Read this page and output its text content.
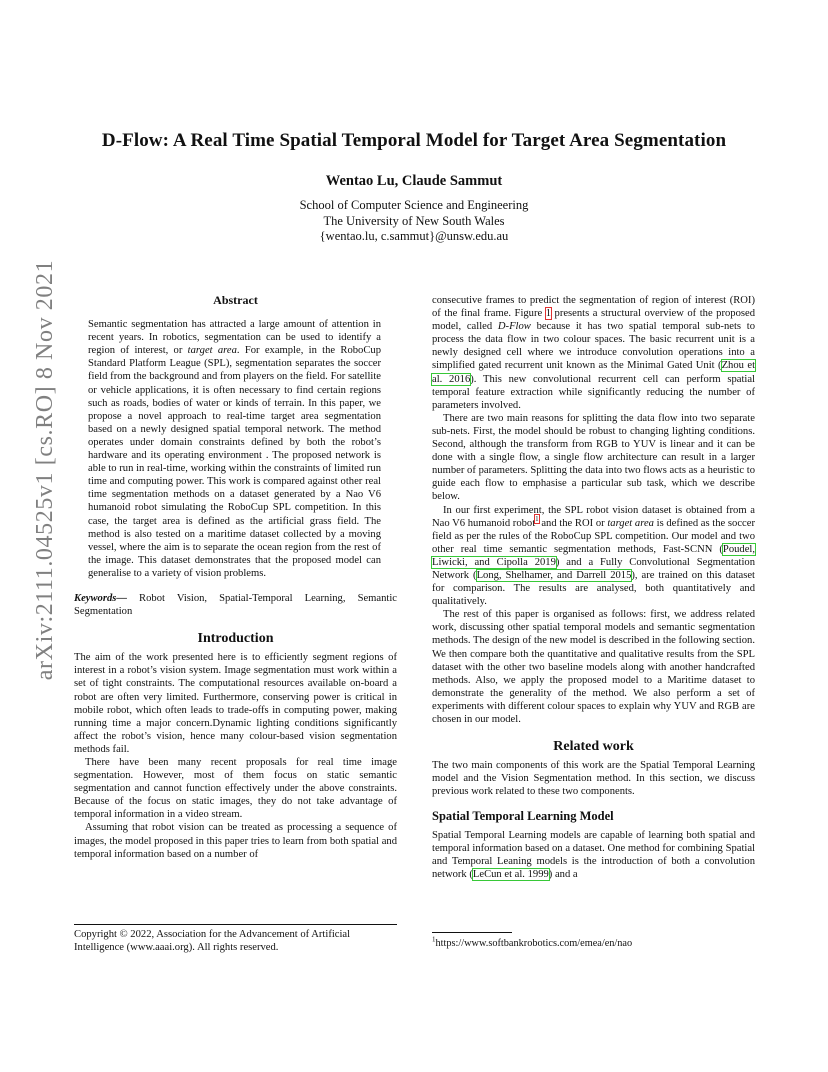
arXiv:2111.04525v1 [cs.RO] 8 Nov 2021
D-Flow: A Real Time Spatial Temporal Model for Target Area Segmentation
Wentao Lu, Claude Sammut
School of Computer Science and Engineering
The University of New South Wales
{wentao.lu, c.sammut}@unsw.edu.au
Abstract

Semantic segmentation has attracted a large amount of attention in recent years. In robotics, segmentation can be used to identify a region of interest, or target area. For example, in the RoboCup Standard Platform League (SPL), segmentation separates the soccer field from the background and from players on the field. For satellite or vehicle applications, it is often necessary to find certain regions such as roads, bodies of water or kinds of terrain. In this paper, we propose a novel approach to real-time target area segmentation based on a newly designed spatial temporal network. The method operates under domain constraints defined by both the robot’s hardware and its operating environment . The proposed network is able to run in real-time, working within the constraints of limited run time and computing power. This work is compared against other real time segmentation methods on a dataset generated by a Nao V6 humanoid robot simulating the RoboCup SPL competition. In this case, the target area is defined as the artificial grass field. The method is also tested on a maritime dataset collected by a moving vessel, where the aim is to separate the ocean region from the rest of the image. This dataset demonstrates that the proposed model can generalise to a variety of vision problems.

Keywords— Robot Vision, Spatial-Temporal Learning, Semantic Segmentation
Introduction

The aim of the work presented here is to efficiently segment regions of interest in a robot’s vision system. Image segmentation must work within a set of tight constraints. The computational resources available on-board a robot are often very limited. Furthermore, conserving power is critical in mobile robot, which often leads to trade-offs in computing power, making running time a major concern.Dynamic lighting conditions significantly affect the robot’s vision, hence many colour-based vision segmentation methods fail.

There have been many recent proposals for real time image segmentation. However, most of them focus on static semantic segmentation and cannot function effectively under the above constraints. Because of the focus on static images, they do not take advantage of temporal information in a video stream.

Assuming that robot vision can be treated as processing a sequence of images, the model proposed in this paper tries to learn from both spatial and temporal information based on a number of

Copyright © 2022, Association for the Advancement of Artificial Intelligence (www.aaai.org). All rights reserved.

consecutive frames to predict the segmentation of region of interest (ROI) of the final frame. Figure 1 presents a structural overview of the proposed model, called D-Flow because it has two spatial temporal sub-nets to process the data flow in two colour spaces. The basic recurrent unit is a newly designed cell where we introduce convolution operations into a simplified gated recurrent unit known as the Minimal Gated Unit (Zhou et al. 2016). This new convolutional recurrent cell can perform spatial temporal feature extraction while significantly reducing the number of parameters involved.

There are two main reasons for splitting the data flow into two separate sub-nets. First, the model should be robust to changing lighting conditions. Second, although the transform from RGB to YUV is linear and it can be done with a single flow, a single flow architecture can result in a larger number of parameters. Splitting the data into two flows acts as a heuristic to guide each flow to emphasise a particular sub task, which we describe below.

In our first experiment, the SPL robot vision dataset is obtained from a Nao V6 humanoid robot$^1$ and the ROI or target area is defined as the soccer field as per the rules of the RoboCup SPL competition. Our model and two other real time semantic segmentation methods, Fast-SCNN (Poudel, Liwicki, and Cipolla 2019) and a Fully Convolutional Segmentation Network (Long, Shelhamer, and Darrell 2015), are trained on this dataset for comparison. The results are analysed, both quantitatively and qualitatively.

The rest of this paper is organised as follows: first, we address related work, discussing other spatial temporal models and semantic segmentation methods. The design of the new model is described in the following section. We then compare both the quantitative and qualitative results from the SPL dataset with the other two baseline models along with another handcrafted methods. Also, we apply the proposed model to a Maritime dataset to demonstrate the generality of the method. We also perform a set of experiments with different colour spaces to explain why YUV and RGB are chosen in our model.

Related work

The two main components of this work are the Spatial Temporal Learning model and the Vision Segmentation method. In this section, we discuss previous work related to these two components.

Spatial Temporal Learning Model

Spatial Temporal Learning models are capable of learning both spatial and temporal information based on a dataset. One method for combining Spatial and Temporal Leaning models is the introduction of both a convolution network (LeCun et al. 1999) and a

$^1$https://www.softbankrobotics.com/emea/en/nao
